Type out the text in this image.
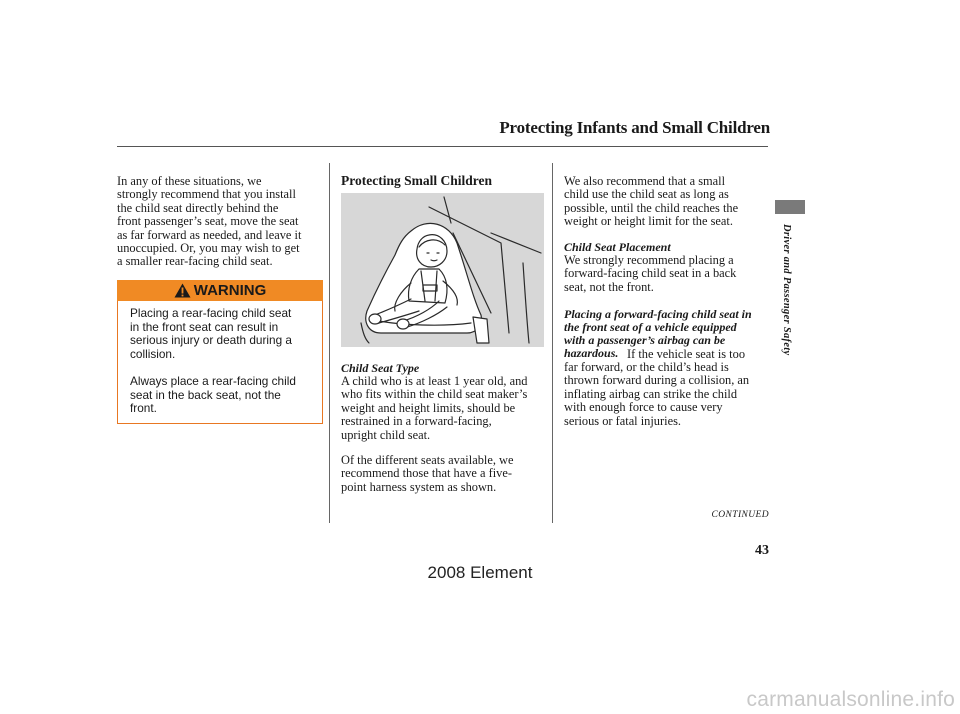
Protecting Infants and Small Children
In any of these situations, we
strongly recommend that you install
the child seat directly behind the
front passenger’s seat, move the seat
as far forward as needed, and leave it
unoccupied. Or, you may wish to get
a smaller rear-facing child seat.
WARNING
Placing a rear-facing child seat
in the front seat can result in
serious injury or death during a
collision.

Always place a rear-facing child
seat in the back seat, not the
front.
Protecting Small Children
Child Seat Type
A child who is at least 1 year old, and
who fits within the child seat maker’s
weight and height limits, should be
restrained in a forward-facing,
upright child seat.
Of the different seats available, we
recommend those that have a five-
point harness system as shown.
We also recommend that a small
child use the child seat as long as
possible, until the child reaches the
weight or height limit for the seat.
Child Seat Placement
We strongly recommend placing a
forward-facing child seat in a back
seat, not the front.
Placing a forward-facing child seat in
the front seat of a vehicle equipped
with a passenger’s airbag can be
hazardous. If the vehicle seat is too
far forward, or the child’s head is
thrown forward during a collision, an
inflating airbag can strike the child
with enough force to cause very
serious or fatal injuries.
CONTINUED
43
Driver and Passenger Safety
2008 Element
carmanualsonline.info
